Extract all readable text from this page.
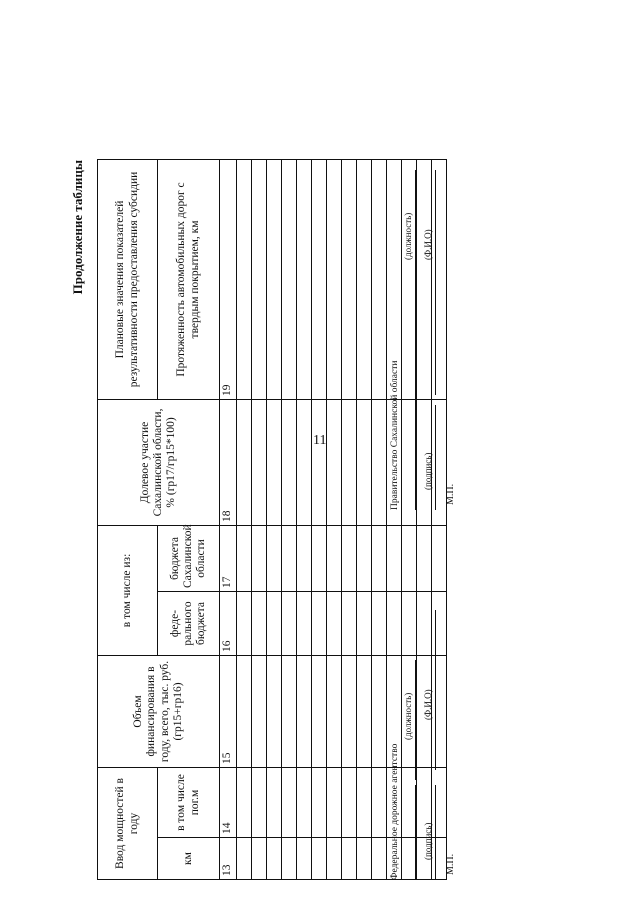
11
Продолжение таблицы
Ввод мощностей в году		Объем финансирования в году, всего, тыс. руб. (гр15+гр16)	в том числе из:		Долевое участие Сахалинской области, % (гр17/гр15*100)	Плановые значения показателей результативности предоставления субсидии
км	в том числе пог.м		феде-ральногo бюджета	бюджета Сахалинской области		Протяженность автомобильных дорог с твердым покрытием, км
13	14	15	16	17	18	19

Федеральное дорожное агентство
(должность)
(подпись)
(Ф.И.О)
М.П.
Правительство Сахалинской области
(должность)
(подпись)
(Ф.И.О)
М.П.
